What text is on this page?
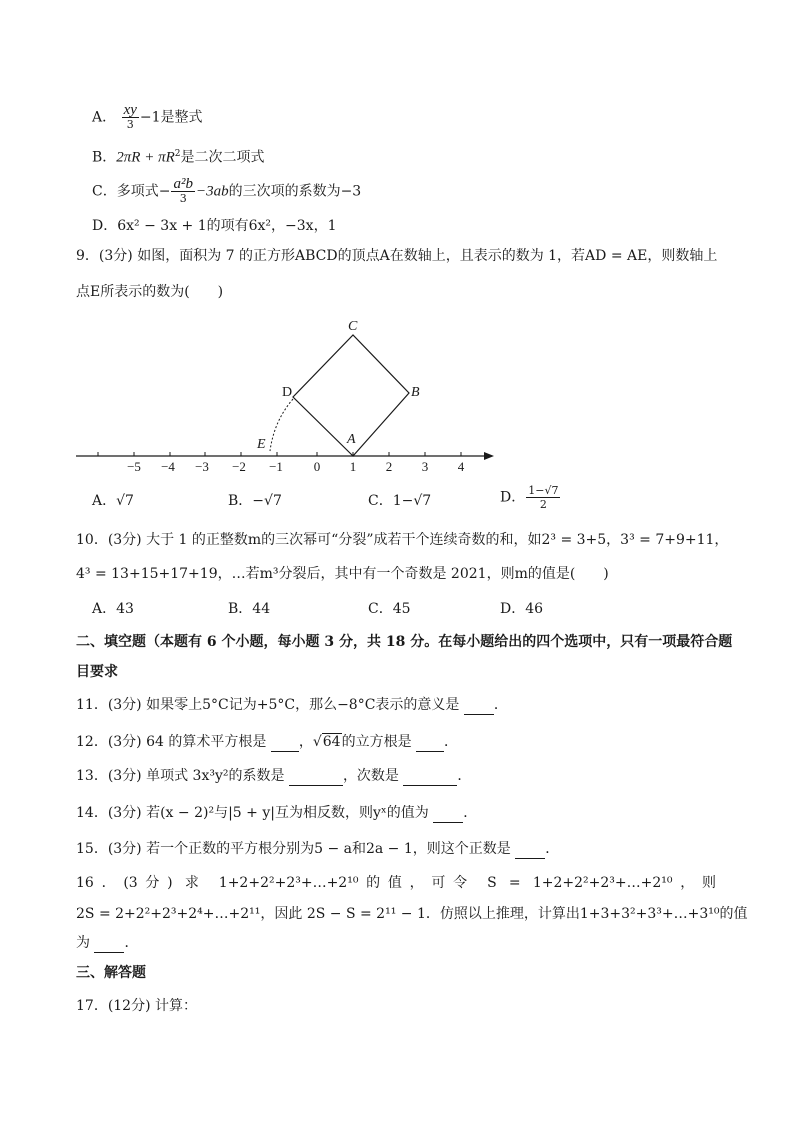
A． $\frac{xy}{3} -1$是整式
B．$2\pi R + \pi R^2$是二次二项式
C．多项式− $\frac{\text{a²b}}{3} -3ab$的三次项的系数为−3
D．6x² − 3x + 1的项有6x²，−3x，1
9．(3分) 如图，面积为 7 的正方形ABCD的顶点A在数轴上，且表示的数为 1，若AD = AE，则数轴上
点E所表示的数为(　　)
−5 −4 −3 −2 −1 0 1 2 3 4
C
D	B
A
E
A．√7	B．−√7	C．1−√7	D． $\frac{1-√7}{2}$
10．(3分) 大于 1 的正整数m的三次幂可“分裂”成若干个连续奇数的和，如2³ = 3+5，3³ = 7+9+11，
4³ = 13+15+17+19，…若m³分裂后，其中有一个奇数是 2021，则m的值是(　　)
A．43	B．44	C．45	D．46
二、填空题（本题有 6 个小题，每小题 3 分，共 18 分。在每小题给出的四个选项中，只有一项最符合题
目要求
11．(3分) 如果零上5°C记为+5°C，那么−8°C表示的意义是 ．
12．(3分) 64 的算术平方根是 ，√64的立方根是 ．
13．(3分) 单项式 3x³y²的系数是	，次数是	．
14．(3分) 若(x − 2)²与|5 + y|互为相反数，则yˣ的值为 ．
15．(3分) 若一个正数的平方根分别为5 − a和2a − 1，则这个正数是 ．
16．(3分) 求 1+2+2²+2³+…+2¹⁰的值，可令 S = 1+2+2²+2³+…+2¹⁰，则
2S = 2+2²+2³+2⁴+…+2¹¹，因此 2S − S = 2¹¹ − 1．仿照以上推理，计算出1+3+3²+3³+…+3¹⁰的值
为 ．
三、解答题
17．(12分) 计算：
